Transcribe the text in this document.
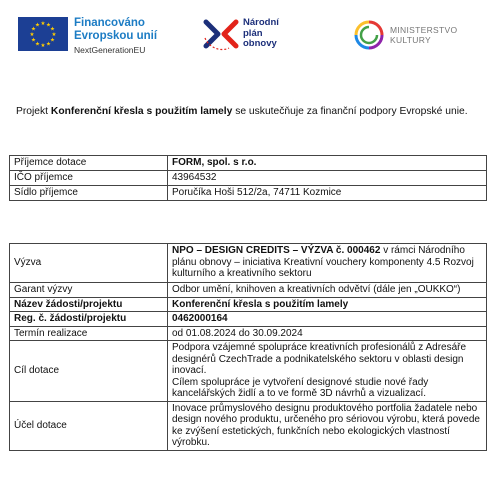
★
★
★
★
★
★
★
★
★ ★ ★
★
Financováno
Evropskou unií
NextGenerationEU
Národní
plán
obnovy
MINISTERSTVO
KULTURY
Projekt Konferenční křesla s použitím lamely se uskutečňuje za finanční podpory Evropské unie.
Příjemce dotace	FORM, spol. s r.o.
IČO příjemce	43964532
Sídlo příjemce	Poručíka Hoši 512/2a, 74711 Kozmice
Výzva	NPO – DESIGN CREDITS – VÝZVA č. 000462 v rámci Národního plánu obnovy – iniciativa Kreativní vouchery komponenty 4.5 Rozvoj kulturního a kreativního sektoru
Garant výzvy	Odbor umění, knihoven a kreativních odvětví (dále jen „OUKKO“)
Název žádosti/projektu	Konferenční křesla s použitím lamely
Reg. č. žádosti/projektu	0462000164
Termín realizace	od 01.08.2024 do 30.09.2024
Cíl dotace	Podpora vzájemné spolupráce kreativních profesionálů z Adresáře designérů CzechTrade a podnikatelského sektoru v oblasti design inovací.
Cílem spolupráce je vytvoření designové studie nové řady kancelářských židlí a to ve formě 3D návrhů a vizualizací.
Účel dotace	Inovace průmyslového designu produktového portfolia žadatele nebo design nového produktu, určeného pro sériovou výrobu, která povede ke zvýšení estetických, funkčních nebo ekologických vlastností výrobku.
